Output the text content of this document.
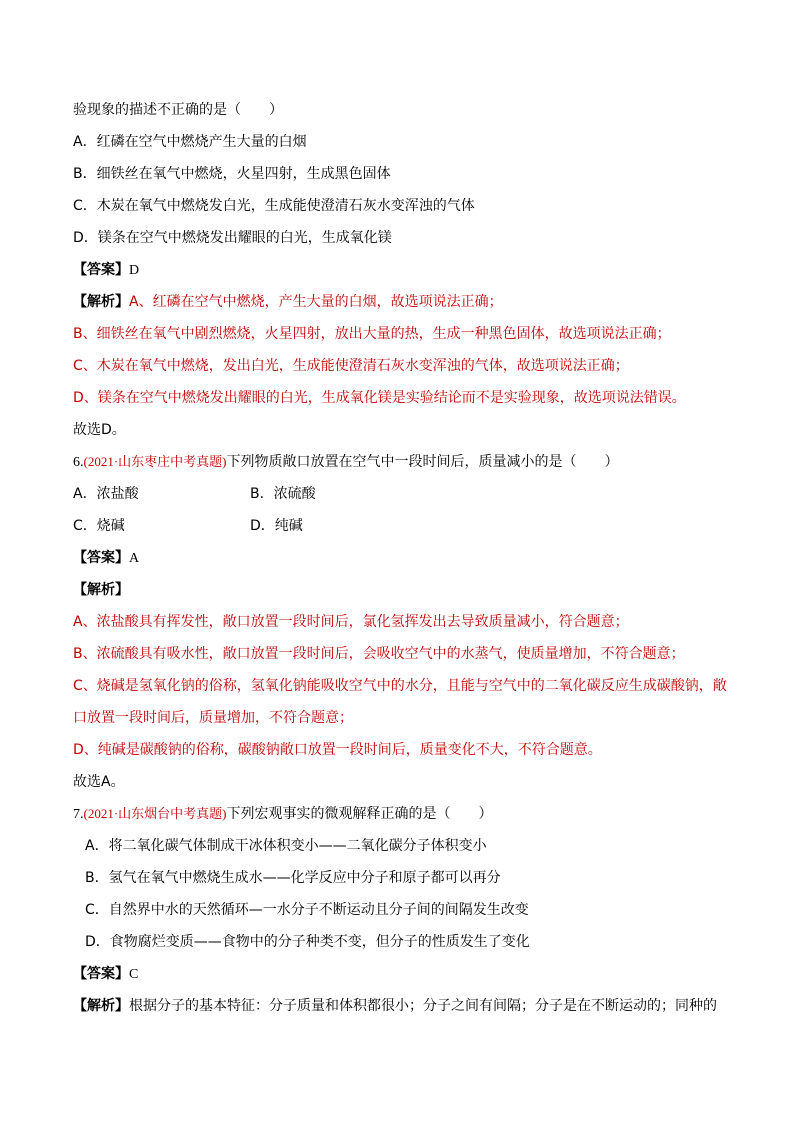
验现象的描述不正确的是（　　）
A．红磷在空气中燃烧产生大量的白烟
B．细铁丝在氧气中燃烧，火星四射，生成黑色固体
C．木炭在氧气中燃烧发白光，生成能使澄清石灰水变浑浊的气体
D．镁条在空气中燃烧发出耀眼的白光，生成氧化镁
【答案】D
【解析】A、红磷在空气中燃烧，产生大量的白烟，故选项说法正确；
B、细铁丝在氧气中剧烈燃烧，火星四射，放出大量的热，生成一种黑色固体，故选项说法正确；
C、木炭在氧气中燃烧，发出白光，生成能使澄清石灰水变浑浊的气体，故选项说法正确；
D、镁条在空气中燃烧发出耀眼的白光，生成氧化镁是实验结论而不是实验现象，故选项说法错误。
故选D。
6.(2021·山东枣庄中考真题)下列物质敞口放置在空气中一段时间后，质量减小的是（　　）
A．浓盐酸	B．浓硫酸
C．烧碱	D．纯碱
【答案】A
【解析】
A、浓盐酸具有挥发性，敞口放置一段时间后，氯化氢挥发出去导致质量减小，符合题意；
B、浓硫酸具有吸水性，敞口放置一段时间后，会吸收空气中的水蒸气，使质量增加，不符合题意；
C、烧碱是氢氧化钠的俗称，氢氧化钠能吸收空气中的水分，且能与空气中的二氧化碳反应生成碳酸钠，敞
口放置一段时间后，质量增加，不符合题意；
D、纯碱是碳酸钠的俗称，碳酸钠敞口放置一段时间后，质量变化不大，不符合题意。
故选A。
7.(2021·山东烟台中考真题)下列宏观事实的微观解释正确的是（　　）
A．将二氧化碳气体制成干冰体积变小——二氧化碳分子体积变小
B．氢气在氧气中燃烧生成水——化学反应中分子和原子都可以再分
C．自然界中水的天然循环—一水分子不断运动且分子间的间隔发生改变
D．食物腐烂变质——食物中的分子种类不变，但分子的性质发生了变化
【答案】C
【解析】根据分子的基本特征：分子质量和体积都很小；分子之间有间隔；分子是在不断运动的；同种的
